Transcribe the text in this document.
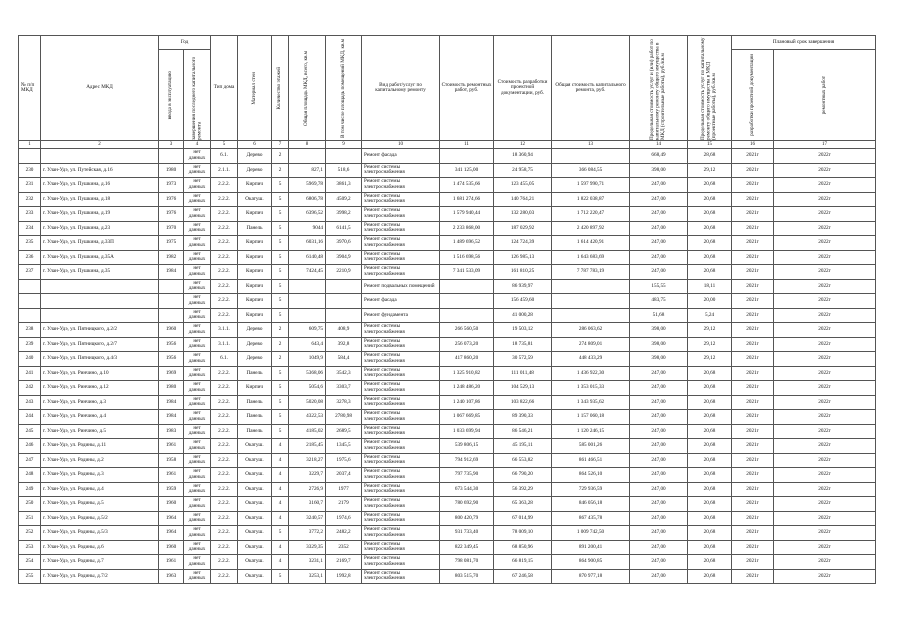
№ п/п МКД	Адрес МКД	Год		Тип дома	Материал стен	Количество этажей	Общая площадь МКД, всего, кв.м	В том числе площадь помещений МКД, кв.м	Вид работ/услуг по капитальному ремонту	Стоимость ремонтных работ, руб.	Стоимость разработки проектной документации, руб.	Общая стоимость капитального ремонта, руб.	Предельная стоимость услуг и (или) работ по капитальному ремонту общего имущества в МКД (строительные работы), руб./кв.м	Предельная стоимость услуг по капитальному ремонту общего имущества в МКД (проектные работы), руб./кв.м	Плановый срок завершения	

		ввода в эксплуатацию	завершения последнего капитального ремонта												разработки проектной документации	ремонтных работ

1	2	3	4	5	6	7	8	9	10	11	12	13	14	15	16	17
			нет данных	6.1.	Дерево	2			Ремонт фасада		18 360,94		668,49	28,68	2021г	2022г
230	г. Улан-Удэ, ул. Путейская, д.16	1980	нет данных	2.1.1.	Дерево	2	827,1	518,6	Ремонт системы электроснабжения	341 125,00	24 958,75	366 084,55	398,00	29,12	2021г	2022г
231	г. Улан-Удэ, ул. Пушкина, д.16	1973	нет данных	2.2.2.	Кирпич	5	5969,78	3861,3	Ремонт системы электроснабжения	1 474 535,66	123 455,05	1 597 990,71	247,00	20,68	2021г	2022г
232	г. Улан-Удэ, ул. Пушкина, д.18	1976	нет данных	2.2.2.	Окатуш.	5	6806,78	4509,2	Ремонт системы электроснабжения	1 681 274,66	140 764,21	1 822 038,87	247,00	20,68	2021г	2022г
233	г. Улан-Удэ, ул. Пушкина, д.19	1976	нет данных	2.2.2.	Кирпич	5	6396,52	3998,2	Ремонт системы электроснабжения	1 579 940,44	132 280,03	1 712 220,47	247,00	20,68	2021г	2022г
234	г. Улан-Удэ, ул. Пушкина, д.23	1970	нет данных	2.2.2.	Панель	5	9044	6141,5	Ремонт системы электроснабжения	2 233 868,00	187 029,92	2 420 897,92	247,00	20,68	2021г	2022г
235	г. Улан-Удэ, ул. Пушкина, д.33П	1975	нет данных	2.2.2.	Кирпич	5	6031,16	3970,6	Ремонт системы электроснабжения	1 489 696,52	124 724,39	1 614 420,91	247,00	20,68	2021г	2022г
236	г. Улан-Удэ, ул. Пушкина, д.35А	1982	нет данных	2.2.2.	Кирпич	5	6140,48	3904,9	Ремонт системы электроснабжения	1 516 698,56	126 985,13	1 643 683,69	247,00	20,68	2021г	2022г
237	г. Улан-Удэ, ул. Пушкина, д.35	1984	нет данных	2.2.2.	Кирпич	5	7424,45	2210,9	Ремонт системы электроснабжения	7 341 533,09	161 810,25	7 787 783,19	247,00	20,68	2021г	2022г
			нет данных	2.2.2.	Кирпич	5			Ремонт подвальных помещений		86 939,97		155,55	18,11	2021г	2022г
			нет данных	2.2.2.	Кирпич	5			Ремонт фасада		156 459,60		483,75	20,00	2021г	2022г
			нет данных	2.2.2.	Кирпич	5			Ремонт фундамента		41 000,28		51,68	5,24	2021г	2022г
238	г. Улан-Удэ, ул. Пятницкого, д.2/2	1960	нет данных	3.1.1.	Дерево	2	609,75	408,9	Ремонт системы электроснабжения	266 560,50	19 503,12	286 063,62	398,00	29,12	2021г	2022г
239	г. Улан-Удэ, ул. Пятницкого, д.2/7	1956	нет данных	3.1.1.	Дерево	2	643,4	392,8	Ремонт системы электроснабжения	256 073,20	18 735,81	274 809,01	398,00	29,12	2021г	2022г
240	г. Улан-Удэ, ул. Пятницкого, д.4/3	1956	нет данных	6.1.	Дерево	2	1049,9	584,4	Ремонт системы электроснабжения	417 860,20	30 572,59	448 433,29	398,00	29,12	2021г	2022г
241	г. Улан-Удэ, ул. Ринчино, д.10	1969	нет данных	2.2.2.	Панель	5	5368,06	3542,3	Ремонт системы электроснабжения	1 325 910,82	111 011,48	1 436 922,30	247,00	20,68	2021г	2022г
242	г. Улан-Удэ, ул. Ринчино, д.12	1980	нет данных	2.2.2.	Кирпич	5	5054,6	3303,7	Ремонт системы электроснабжения	1 248 486,20	104 529,13	1 353 015,33	247,00	20,68	2021г	2022г
243	г. Улан-Удэ, ул. Ринчино, д.3	1984	нет данных	2.2.2.	Панель	5	5020,08	3278,3	Ремонт системы электроснабжения	1 240 107,86	103 822,66	1 343 935,62	247,00	20,68	2021г	2022г
244	г. Улан-Удэ, ул. Ринчино, д.4	1984	нет данных	2.2.2.	Панель	5	4322,53	2780,98	Ремонт системы электроснабжения	1 067 669,85	89 390,33	1 157 060,18	247,00	20,68	2021г	2022г
245	г. Улан-Удэ, ул. Ринчино, д.5	1983	нет данных	2.2.2.	Панель	5	4185,02	2689,5	Ремонт системы электроснабжения	1 033 699,94	86 546,21	1 120 246,15	247,00	20,68	2021г	2022г
246	г. Улан-Удэ, ул. Родины, д.11	1961	нет данных	2.2.2.	Окатуш.	4	2185,45	1345,5	Ремонт системы электроснабжения	539 806,15	45 195,11	585 001,26	247,00	20,68	2021г	2022г
247	г. Улан-Удэ, ул. Родины, д.2	1958	нет данных	2.2.2.	Окатуш.	4	3218,27	1975,6	Ремонт системы электроснабжения	794 912,69	66 553,82	861 466,51	247,00	20,68	2021г	2022г
248	г. Улан-Удэ, ул. Родины, д.3	1961	нет данных	2.2.2.	Окатуш.	4	3229,7	2037,4	Ремонт системы электроснабжения	797 735,90	66 790,20	864 526,10	247,00	20,68	2021г	2022г
249	г. Улан-Удэ, ул. Родины, д.4	1959	нет данных	2.2.2.	Окатуш.	4	2726,9	1977	Ремонт системы электроснабжения	673 544,30	56 392,29	729 936,59	247,00	20,68	2021г	2022г
250	г. Улан-Удэ, ул. Родины, д.5	1960	нет данных	2.2.2.	Окатуш.	4	3160,7	2179	Ремонт системы электроснабжения	780 692,90	65 363,28	846 056,18	247,00	20,68	2021г	2022г
251	г. Улан-Удэ, ул. Родины, д.5/2	1964	нет данных	2.2.2.	Окатуш.	4	3240,57	1974,6	Ремонт системы электроснабжения	800 420,79	67 014,99	867 435,78	247,00	20,68	2021г	2022г
252	г. Улан-Удэ, ул. Родины, д.5/3	1964	нет данных	2.2.2.	Окатуш.	5	3772,2	2482,2	Ремонт системы электроснабжения	931 733,40	78 009,10	1 009 742,50	247,00	20,68	2021г	2022г
253	г. Улан-Удэ, ул. Родины, д.6	1960	нет данных	2.2.2.	Окатуш.	4	3329,35	2352	Ремонт системы электроснабжения	822 349,45	68 850,96	891 200,41	247,00	20,68	2021г	2022г
254	г. Улан-Удэ, ул. Родины, д.7	1961	нет данных	2.2.2.	Окатуш.	4	3231,1	2169,7	Ремонт системы электроснабжения	798 081,70	66 819,15	864 900,85	247,00	20,68	2021г	2022г
255	г. Улан-Удэ, ул. Родины, д.7/2	1963	нет данных	2.2.2.	Окатуш.	5	3253,1	1992,8	Ремонт системы электроснабжения	803 515,70	67 246,58	870 977,18	247,00	20,68	2021г	2022г
